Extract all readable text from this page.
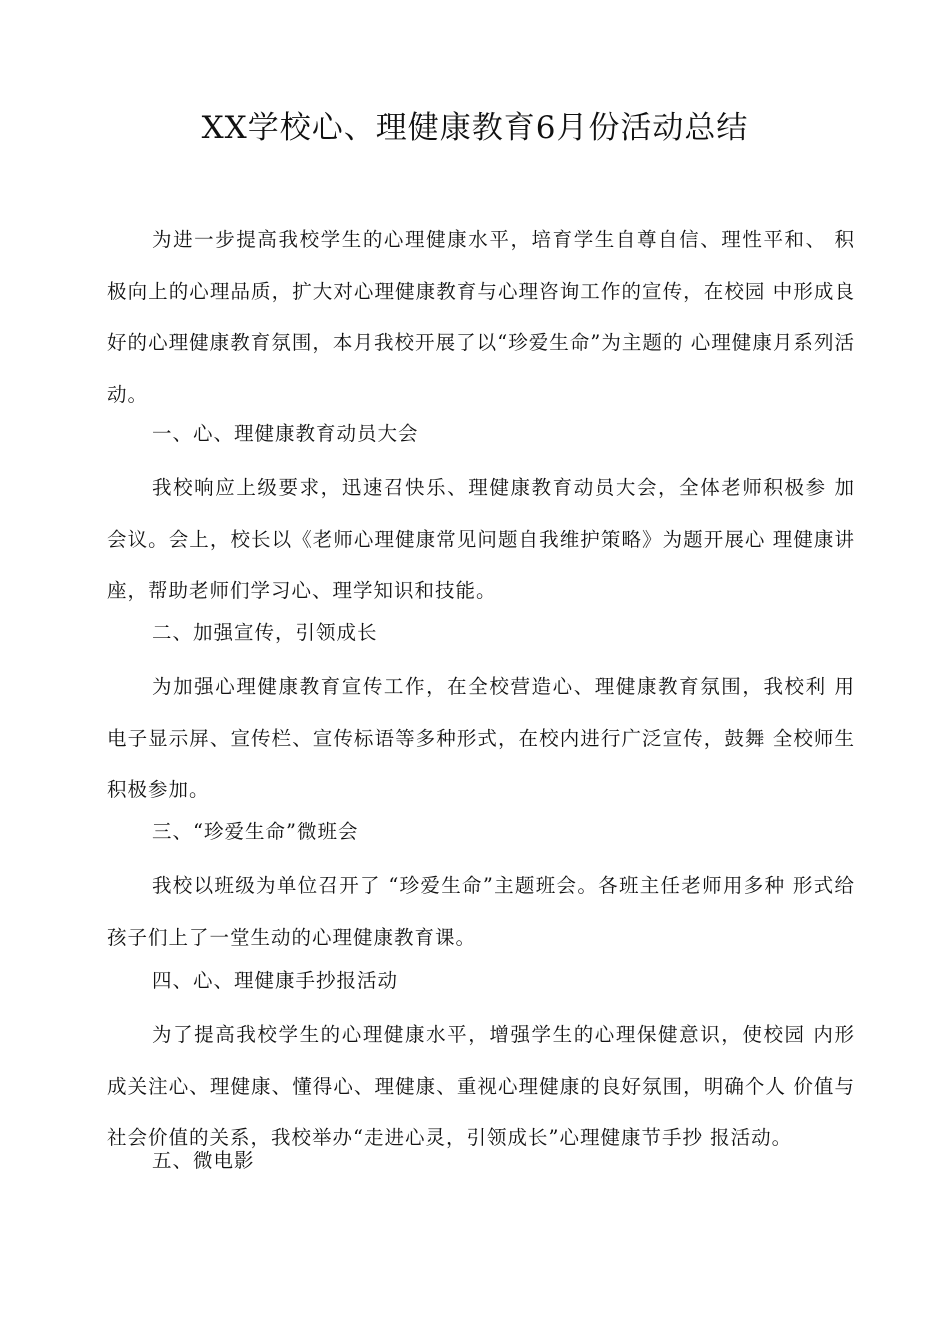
XX学校心、理健康教育6月份活动总结

为进一步提高我校学生的心理健康水平，培育学生自尊自信、理性平和、 积极向上的心理品质，扩大对心理健康教育与心理咨询工作的宣传，在校园 中形成良好的心理健康教育氛围，本月我校开展了以“珍爱生命”为主题的 心理健康月系列活动。

一、心、理健康教育动员大会

我校响应上级要求，迅速召快乐、理健康教育动员大会，全体老师积极参 加会议。会上，校长以《老师心理健康常见问题自我维护策略》为题开展心 理健康讲座，帮助老师们学习心、理学知识和技能。

二、加强宣传，引领成长

为加强心理健康教育宣传工作，在全校营造心、理健康教育氛围，我校利 用电子显示屏、宣传栏、宣传标语等多种形式，在校内进行广泛宣传，鼓舞 全校师生积极参加。

三、“珍爱生命”微班会

我校以班级为单位召开了 “珍爱生命”主题班会。各班主任老师用多种 形式给孩子们上了一堂生动的心理健康教育课。

四、心、理健康手抄报活动

为了提高我校学生的心理健康水平，增强学生的心理保健意识，使校园 内形成关注心、理健康、懂得心、理健康、重视心理健康的良好氛围，明确个人 价值与社会价值的关系，我校举办“走进心灵，引领成长”心理健康节手抄 报活动。

五、微电影
